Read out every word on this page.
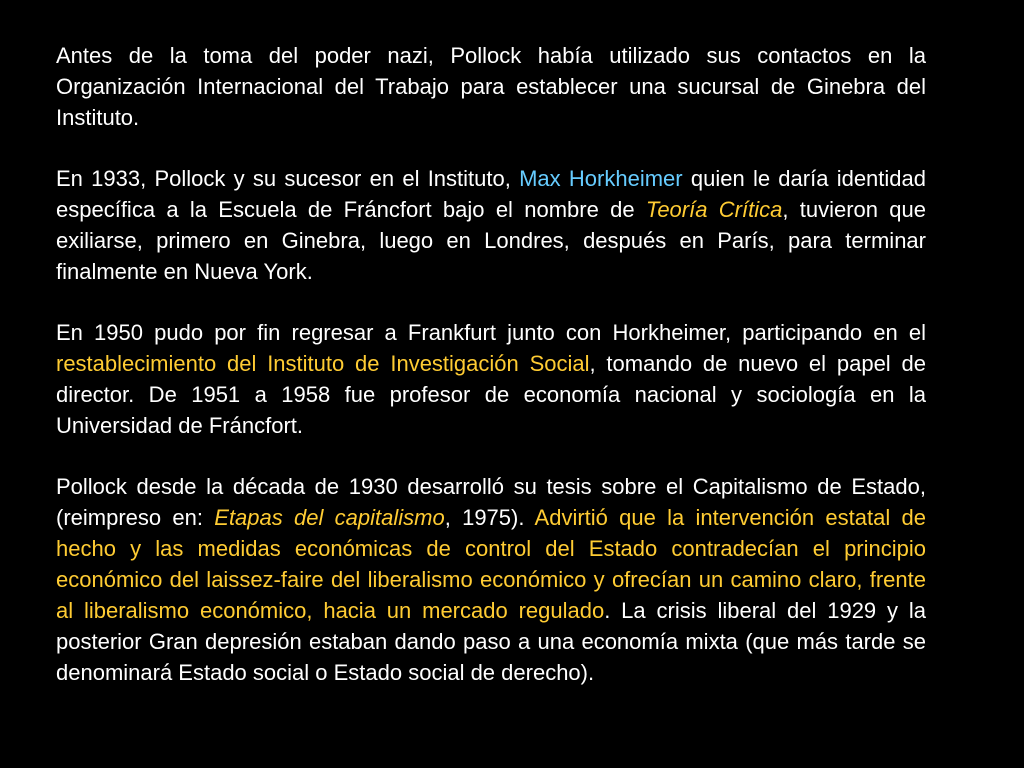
Antes de la toma del poder nazi, Pollock había utilizado sus contactos en la Organización Internacional del Trabajo para establecer una sucursal de Ginebra del Instituto.

En 1933, Pollock y su sucesor en el Instituto, Max Horkheimer quien le daría identidad específica a la Escuela de Fráncfort bajo el nombre de Teoría Crítica, tuvieron que exiliarse, primero en Ginebra, luego en Londres, después en París, para terminar finalmente en Nueva York.

En 1950 pudo por fin regresar a Frankfurt junto con Horkheimer, participando en el restablecimiento del Instituto de Investigación Social, tomando de nuevo el papel de director. De 1951 a 1958 fue profesor de economía nacional y sociología en la Universidad de Fráncfort.

Pollock desde la década de 1930 desarrolló su tesis sobre el Capitalismo de Estado, (reimpreso en: Etapas del capitalismo, 1975). Advirtió que la intervención estatal de hecho y las medidas económicas de control del Estado contradecían el principio económico del laissez-faire del liberalismo económico y ofrecían un camino claro, frente al liberalismo económico, hacia un mercado regulado. La crisis liberal del 1929 y la posterior Gran depresión estaban dando paso a una economía mixta (que más tarde se denominará Estado social o Estado social de derecho).
